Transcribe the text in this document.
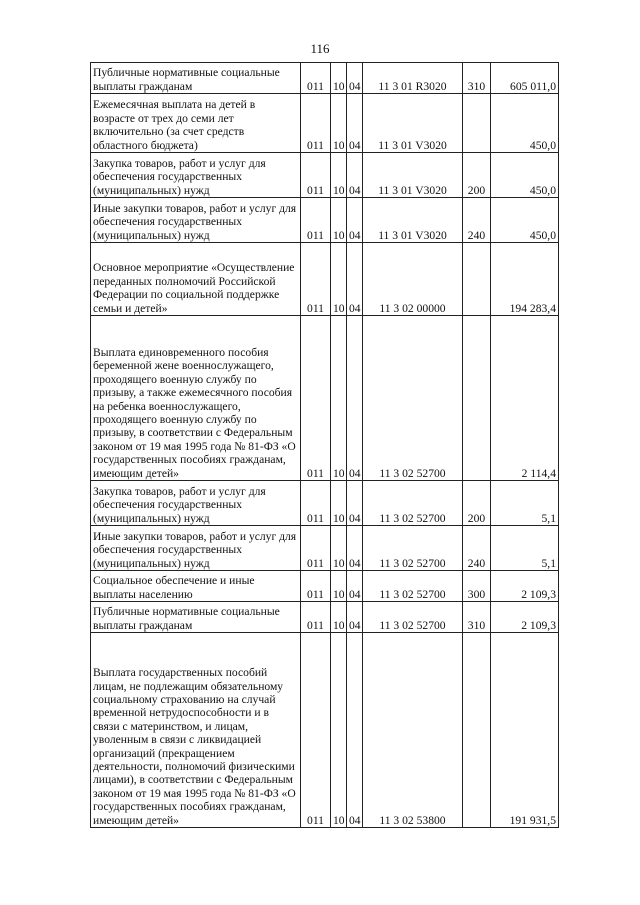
116
Публичные нормативные социальные выплаты гражданам	011	10	04	11 3 01 R3020	310	605 011,0
Ежемесячная выплата на детей в возрасте от трех до семи лет включительно (за счет средств областного бюджета)	011	10	04	11 3 01 V3020		450,0
Закупка товаров, работ и услуг для обеспечения государственных (муниципальных) нужд	011	10	04	11 3 01 V3020	200	450,0
Иные закупки товаров, работ и услуг для обеспечения государственных (муниципальных) нужд	011	10	04	11 3 01 V3020	240	450,0
Основное мероприятие «Осуществление переданных полномочий Российской Федерации по социальной поддержке семьи и детей»	011	10	04	11 3 02 00000		194 283,4
Выплата единовременного пособия беременной жене военнослужащего, проходящего военную службу по призыву, а также ежемесячного пособия на ребенка военнослужащего, проходящего военную службу по призыву, в соответствии с Федеральным законом от 19 мая 1995 года № 81-ФЗ «О государственных пособиях гражданам, имеющим детей»	011	10	04	11 3 02 52700		2 114,4
Закупка товаров, работ и услуг для обеспечения государственных (муниципальных) нужд	011	10	04	11 3 02 52700	200	5,1
Иные закупки товаров, работ и услуг для обеспечения государственных (муниципальных) нужд	011	10	04	11 3 02 52700	240	5,1
Социальное обеспечение и иные выплаты населению	011	10	04	11 3 02 52700	300	2 109,3
Публичные нормативные социальные выплаты гражданам	011	10	04	11 3 02 52700	310	2 109,3
Выплата государственных пособий лицам, не подлежащим обязательному социальному страхованию на случай временной нетрудоспособности и в связи с материнством, и лицам, уволенным в связи с ликвидацией организаций (прекращением деятельности, полномочий физическими лицами), в соответствии с Федеральным законом от 19 мая 1995 года № 81-ФЗ «О государственных пособиях гражданам, имеющим детей»	011	10	04	11 3 02 53800		191 931,5
